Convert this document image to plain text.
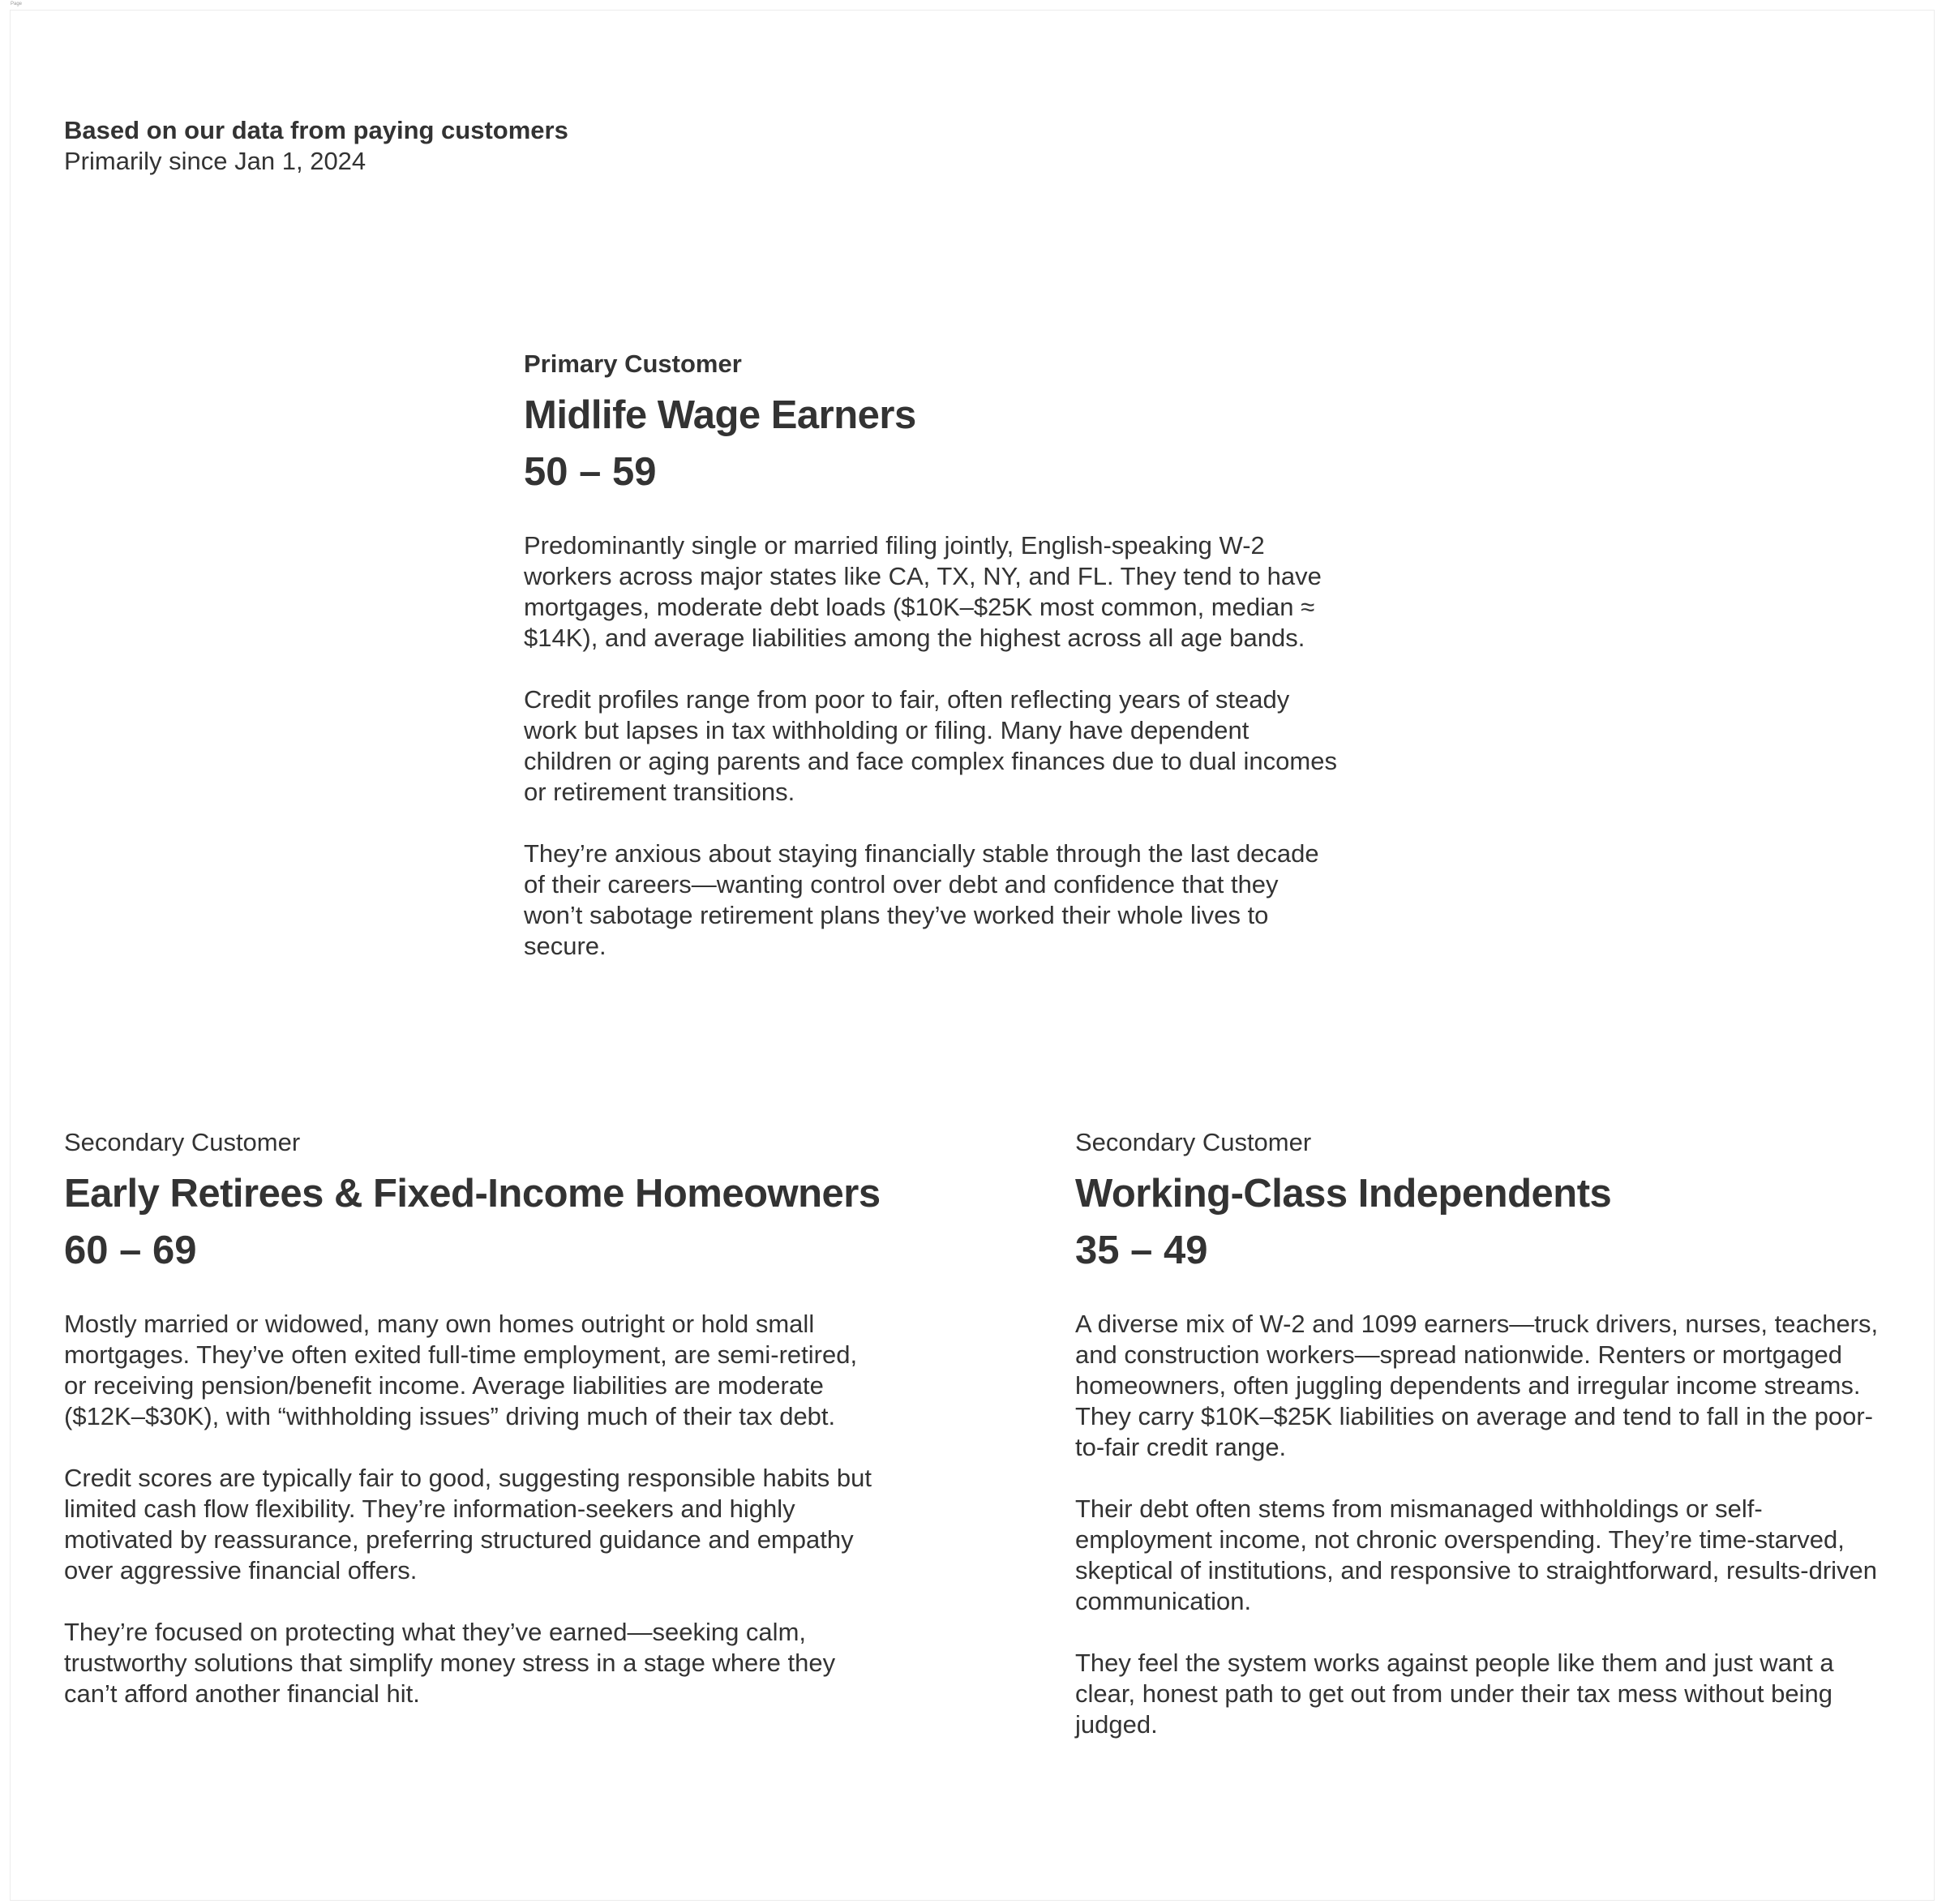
Page

Based on our data from paying customers

Primarily since Jan 1, 2024

Primary Customer

Midlife Wage Earners
50 – 59

Predominantly single or married filing jointly, English-speaking W-2 workers across major states like CA, TX, NY, and FL. They tend to have mortgages, moderate debt loads ($10K–$25K most common, median ≈ $14K), and average liabilities among the highest across all age bands.

Credit profiles range from poor to fair, often reflecting years of steady work but lapses in tax withholding or filing. Many have dependent children or aging parents and face complex finances due to dual incomes or retirement transitions.

They’re anxious about staying financially stable through the last decade of their careers—wanting control over debt and confidence that they won’t sabotage retirement plans they’ve worked their whole lives to secure.

Secondary Customer

Early Retirees & Fixed-Income Homeowners
60 – 69

Mostly married or widowed, many own homes outright or hold small mortgages. They’ve often exited full-time employment, are semi-retired, or receiving pension/benefit income. Average liabilities are moderate ($12K–$30K), with “withholding issues” driving much of their tax debt.

Credit scores are typically fair to good, suggesting responsible habits but limited cash flow flexibility. They’re information-seekers and highly motivated by reassurance, preferring structured guidance and empathy over aggressive financial offers.

They’re focused on protecting what they’ve earned—seeking calm, trustworthy solutions that simplify money stress in a stage where they can’t afford another financial hit.

Secondary Customer

Working-Class Independents
35 – 49

A diverse mix of W-2 and 1099 earners—truck drivers, nurses, teachers, and construction workers—spread nationwide. Renters or mortgaged homeowners, often juggling dependents and irregular income streams. They carry $10K–$25K liabilities on average and tend to fall in the poor-to-fair credit range.

Their debt often stems from mismanaged withholdings or self-employment income, not chronic overspending. They’re time-starved, skeptical of institutions, and responsive to straightforward, results-driven communication.

They feel the system works against people like them and just want a clear, honest path to get out from under their tax mess without being judged.
